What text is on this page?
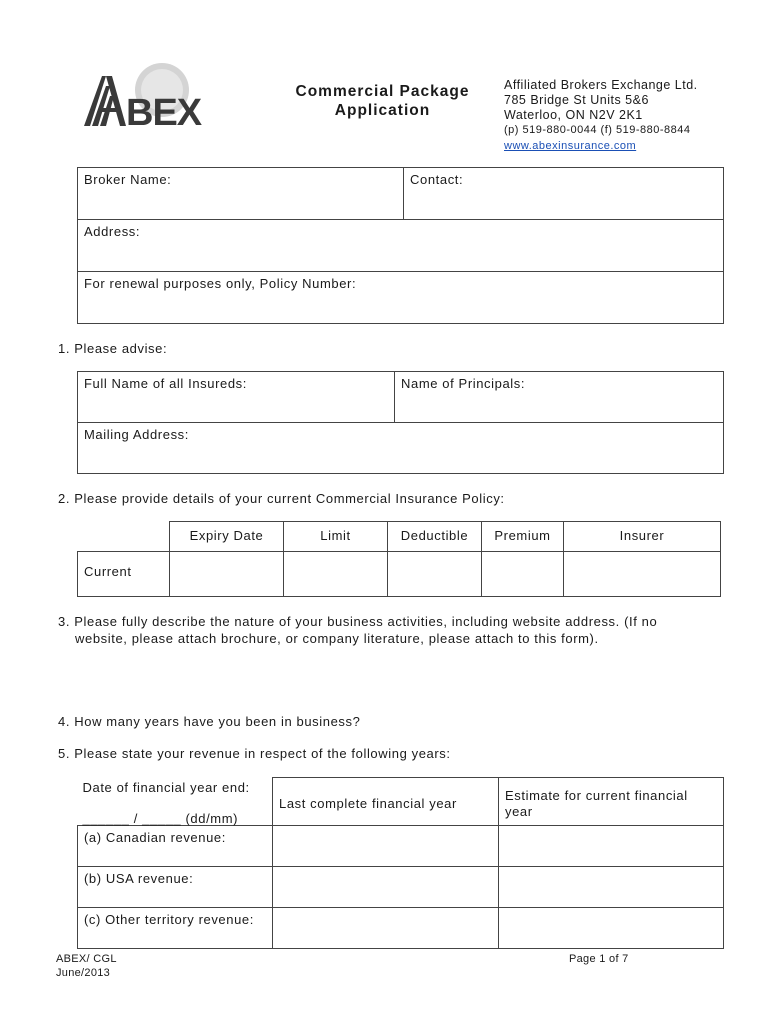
BEX
Commercial Package
Application
Affiliated Brokers Exchange Ltd.
785 Bridge St Units 5&6
Waterloo, ON N2V 2K1
(p) 519-880-0044 (f) 519-880-8844
www.abexinsurance.com
Broker Name:	Contact:
Address:
For renewal purposes only, Policy Number:
1. Please advise:
Full Name of all Insureds:	Name of Principals:
Mailing Address:
2. Please provide details of your current Commercial Insurance Policy:
	Expiry Date	Limit	Deductible	Premium	Insurer
Current					
3. Please fully describe the nature of your business activities, including website address. (If no
website, please attach brochure, or company literature, please attach to this form).
4. How many years have you been in business?
5. Please state your revenue in respect of the following years:
Date of financial year end:
______ / _____ (dd/mm)	Last complete financial year	Estimate for current financial year
(a) Canadian revenue:		
(b) USA revenue:		
(c) Other territory revenue:		
ABEX/ CGL
June/2013
Page 1 of 7
